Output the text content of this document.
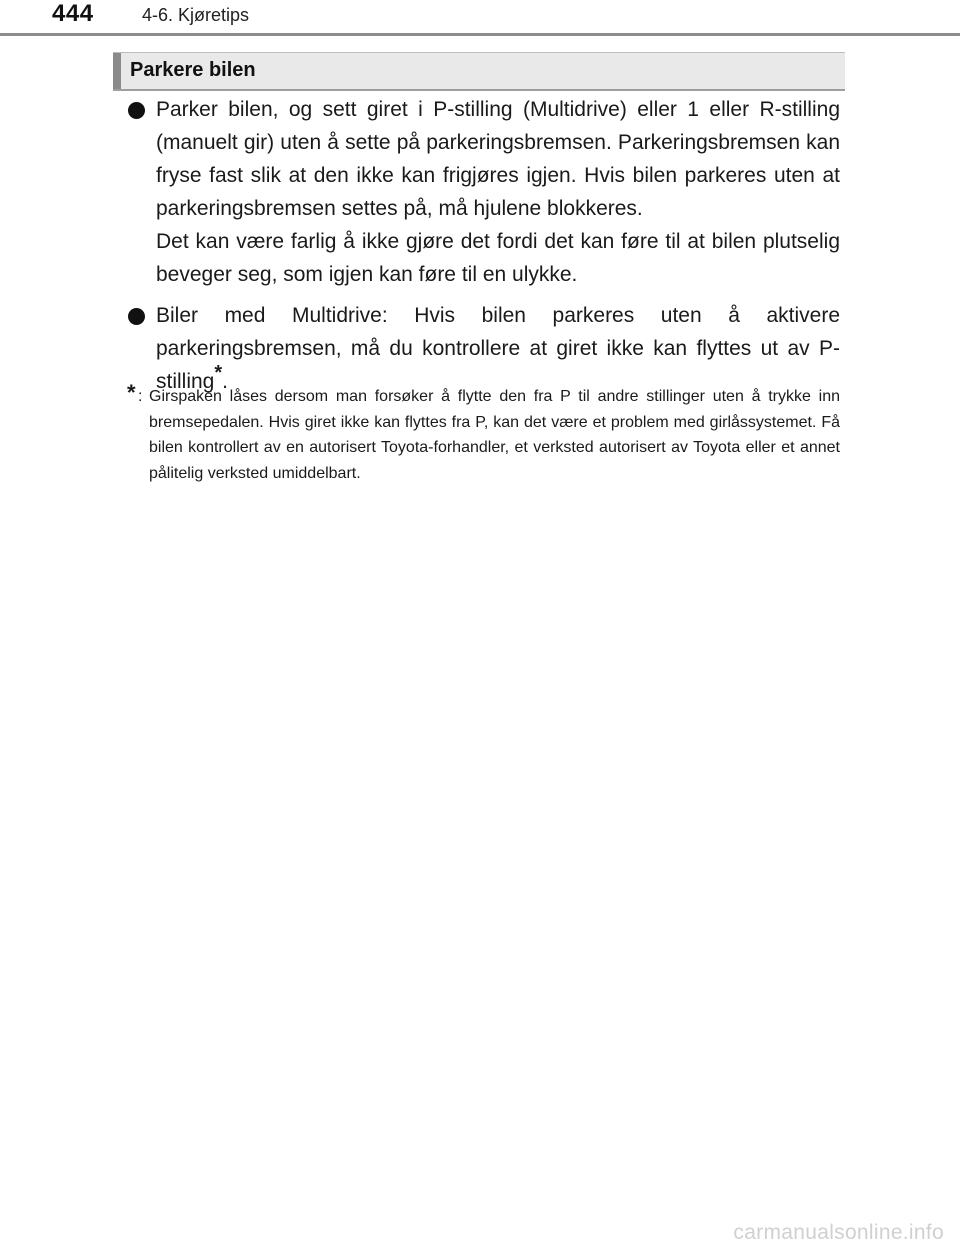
444	4-6. Kjøretips
Parkere bilen

Parker bilen, og sett giret i P-stilling (Multidrive) eller 1 eller R-stilling (manuelt gir) uten å sette på parkeringsbremsen. Parkeringsbremsen kan fryse fast slik at den ikke kan frigjøres igjen. Hvis bilen parkeres uten at parkeringsbremsen settes på, må hjulene blokkeres.

Det kan være farlig å ikke gjøre det fordi det kan føre til at bilen plutselig beveger seg, som igjen kan føre til en ulykke.

Biler med Multidrive: Hvis bilen parkeres uten å aktivere parkeringsbremsen, må du kontrollere at giret ikke kan flyttes ut av P-stilling*.

* : Girspaken låses dersom man forsøker å flytte den fra P til andre stillinger uten å trykke inn bremsepedalen. Hvis giret ikke kan flyttes fra P, kan det være et problem med girlåssystemet. Få bilen kontrollert av en autorisert Toyota-forhandler, et verksted autorisert av Toyota eller et annet pålitelig verksted umiddelbart.
carmanualsonline.info
